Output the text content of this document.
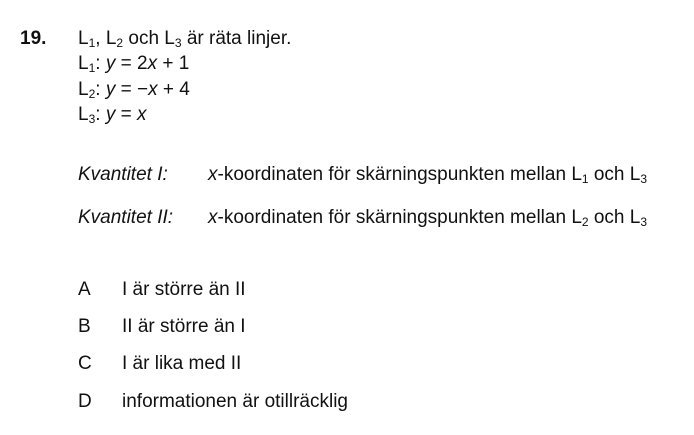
19. $L_1$, $L_2$ och $L_3$ är räta linjer.
$L_1$: y = 2x + 1
$L_2$: y = −x + 4
$L_3$: y = x
Kvantitet I: x-koordinaten för skärningspunkten mellan $L_1$ och $L_3$
Kvantitet II: x-koordinaten för skärningspunkten mellan $L_2$ och $L_3$
A I är större än II
B II är större än I
C I är lika med II
D informationen är otillräcklig
